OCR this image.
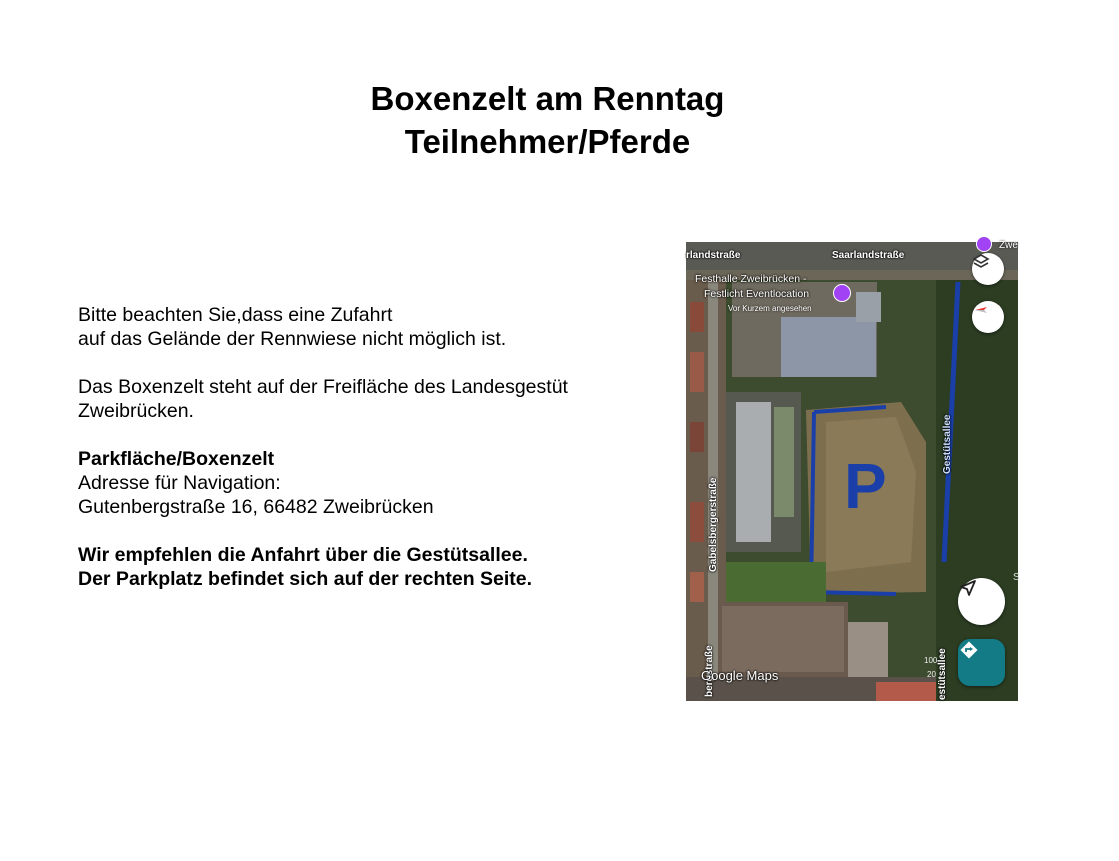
Boxenzelt am Renntag
Teilnehmer/Pferde

Bitte beachten Sie,dass eine Zufahrt
auf das Gelände der Rennwiese nicht möglich ist.

Das Boxenzelt steht auf der Freifläche des Landesgestüt
Zweibrücken.

Parkfläche/Boxenzelt
Adresse für Navigation:
Gutenbergstraße 16, 66482 Zweibrücken

Wir empfehlen die Anfahrt über die Gestütsallee.
Der Parkplatz befindet sich auf der rechten Seite.

rlandstraße	Saarlandstraße
Zwe
Festhalle Zweibrücken -
Festlicht Eventlocation
Vor Kurzem angesehen
Gabelsbergerstraße
Gestütsallee
estütsallee
bergstraße
P
Google Maps
S
100
20
